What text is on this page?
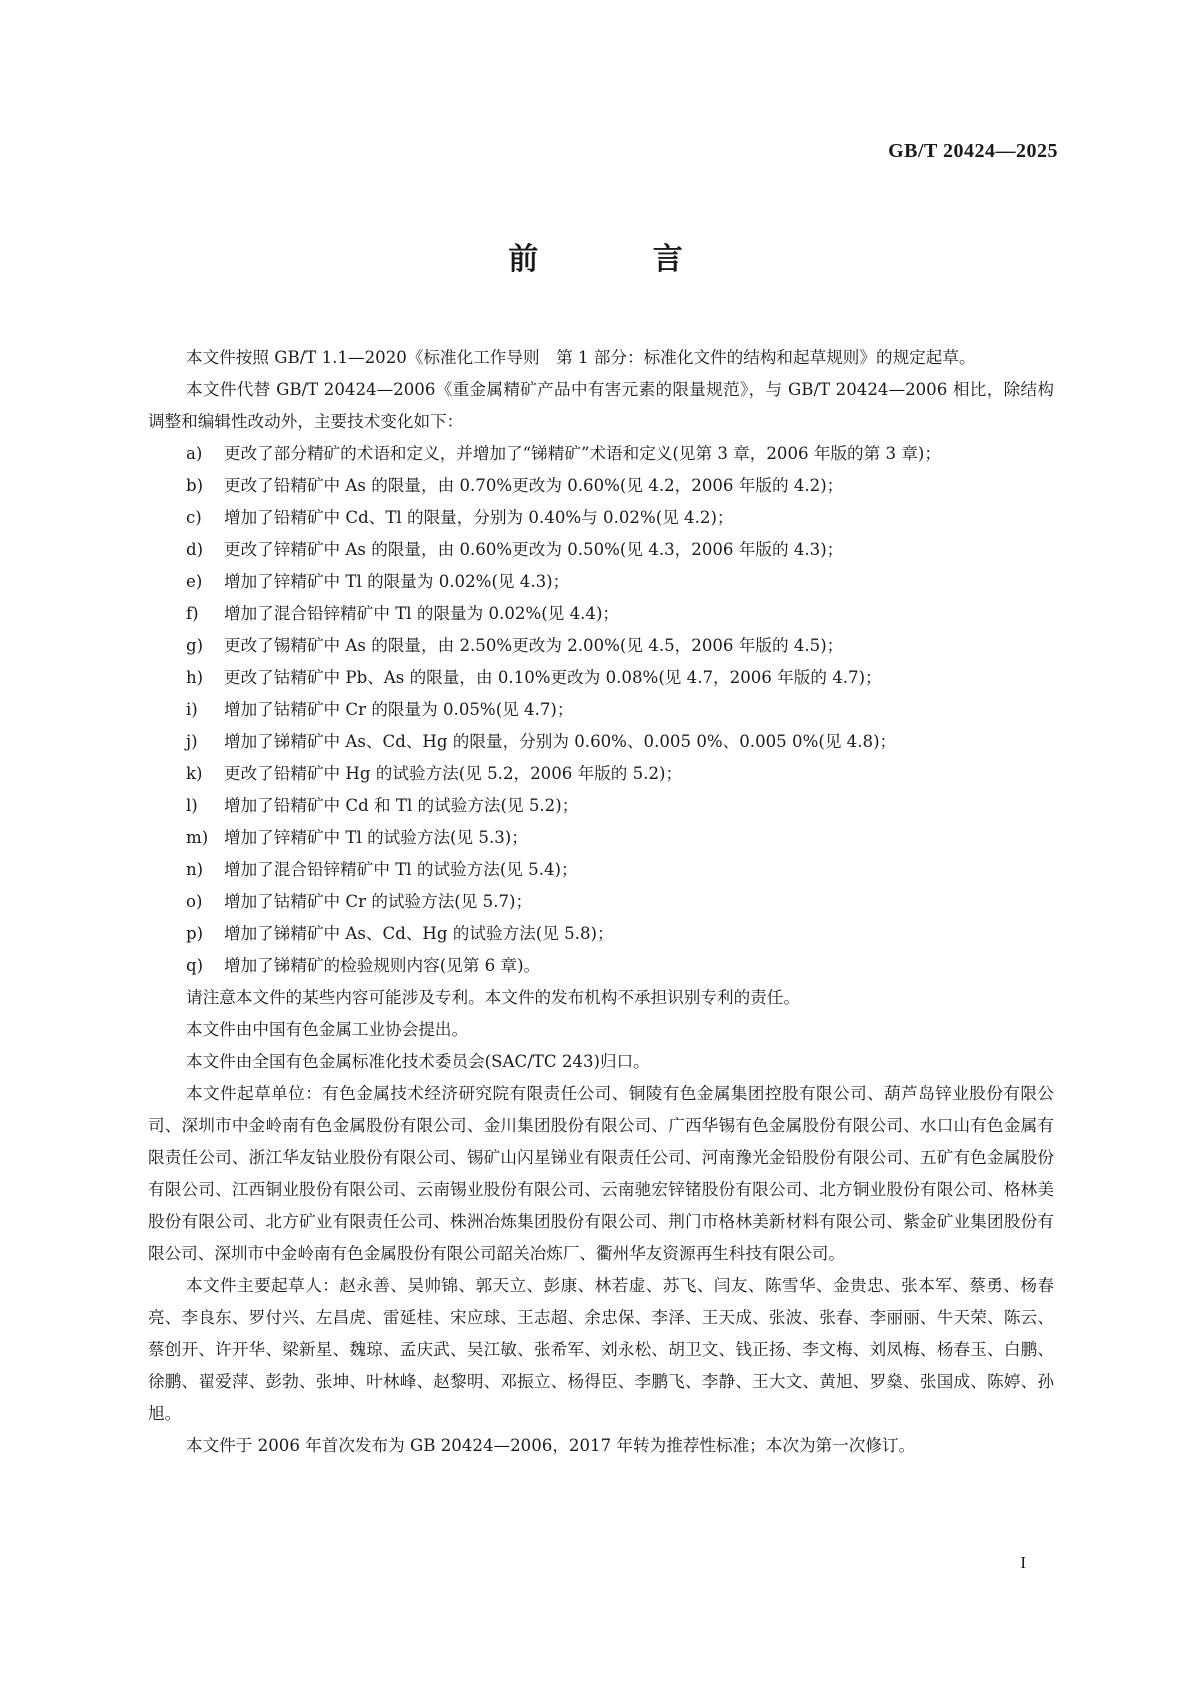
GB/T 20424—2025
前 言

本文件按照 GB/T 1.1—2020《标准化工作导则　第 1 部分：标准化文件的结构和起草规则》的规定起草。

本文件代替 GB/T 20424—2006《重金属精矿产品中有害元素的限量规范》，与 GB/T 20424—2006 相比，除结构调整和编辑性改动外，主要技术变化如下：

a) 更改了部分精矿的术语和定义，并增加了“锑精矿”术语和定义(见第 3 章，2006 年版的第 3 章)；
b) 更改了铅精矿中 As 的限量，由 0.70%更改为 0.60%(见 4.2，2006 年版的 4.2)；
c) 增加了铅精矿中 Cd、Tl 的限量，分别为 0.40%与 0.02%(见 4.2)；
d) 更改了锌精矿中 As 的限量，由 0.60%更改为 0.50%(见 4.3，2006 年版的 4.3)；
e) 增加了锌精矿中 Tl 的限量为 0.02%(见 4.3)；
f) 增加了混合铅锌精矿中 Tl 的限量为 0.02%(见 4.4)；
g) 更改了锡精矿中 As 的限量，由 2.50%更改为 2.00%(见 4.5，2006 年版的 4.5)；
h) 更改了钴精矿中 Pb、As 的限量，由 0.10%更改为 0.08%(见 4.7，2006 年版的 4.7)；
i) 增加了钴精矿中 Cr 的限量为 0.05%(见 4.7)；
j) 增加了锑精矿中 As、Cd、Hg 的限量，分别为 0.60%、0.005 0%、0.005 0%(见 4.8)；
k) 更改了铅精矿中 Hg 的试验方法(见 5.2，2006 年版的 5.2)；
l) 增加了铅精矿中 Cd 和 Tl 的试验方法(见 5.2)；
m) 增加了锌精矿中 Tl 的试验方法(见 5.3)；
n) 增加了混合铅锌精矿中 Tl 的试验方法(见 5.4)；
o) 增加了钴精矿中 Cr 的试验方法(见 5.7)；
p) 增加了锑精矿中 As、Cd、Hg 的试验方法(见 5.8)；
q) 增加了锑精矿的检验规则内容(见第 6 章)。

请注意本文件的某些内容可能涉及专利。本文件的发布机构不承担识别专利的责任。

本文件由中国有色金属工业协会提出。

本文件由全国有色金属标准化技术委员会(SAC/TC 243)归口。

本文件起草单位：有色金属技术经济研究院有限责任公司、铜陵有色金属集团控股有限公司、葫芦岛锌业股份有限公司、深圳市中金岭南有色金属股份有限公司、金川集团股份有限公司、广西华锡有色金属股份有限公司、水口山有色金属有限责任公司、浙江华友钴业股份有限公司、锡矿山闪星锑业有限责任公司、河南豫光金铅股份有限公司、五矿有色金属股份有限公司、江西铜业股份有限公司、云南锡业股份有限公司、云南驰宏锌锗股份有限公司、北方铜业股份有限公司、格林美股份有限公司、北方矿业有限责任公司、株洲冶炼集团股份有限公司、荆门市格林美新材料有限公司、紫金矿业集团股份有限公司、深圳市中金岭南有色金属股份有限公司韶关冶炼厂、衢州华友资源再生科技有限公司。

本文件主要起草人：赵永善、吴帅锦、郭天立、彭康、林若虚、苏飞、闫友、陈雪华、金贵忠、张本军、蔡勇、杨春亮、李良东、罗付兴、左昌虎、雷延桂、宋应球、王志超、余忠保、李泽、王天成、张波、张春、李丽丽、牛天荣、陈云、蔡创开、许开华、梁新星、魏琼、孟庆武、吴江敏、张希军、刘永松、胡卫文、钱正扬、李文梅、刘凤梅、杨春玉、白鹏、徐鹏、翟爱萍、彭勃、张坤、叶林峰、赵黎明、邓振立、杨得臣、李鹏飞、李静、王大文、黄旭、罗燊、张国成、陈婷、孙旭。

本文件于 2006 年首次发布为 GB 20424—2006，2017 年转为推荐性标准；本次为第一次修订。

I
